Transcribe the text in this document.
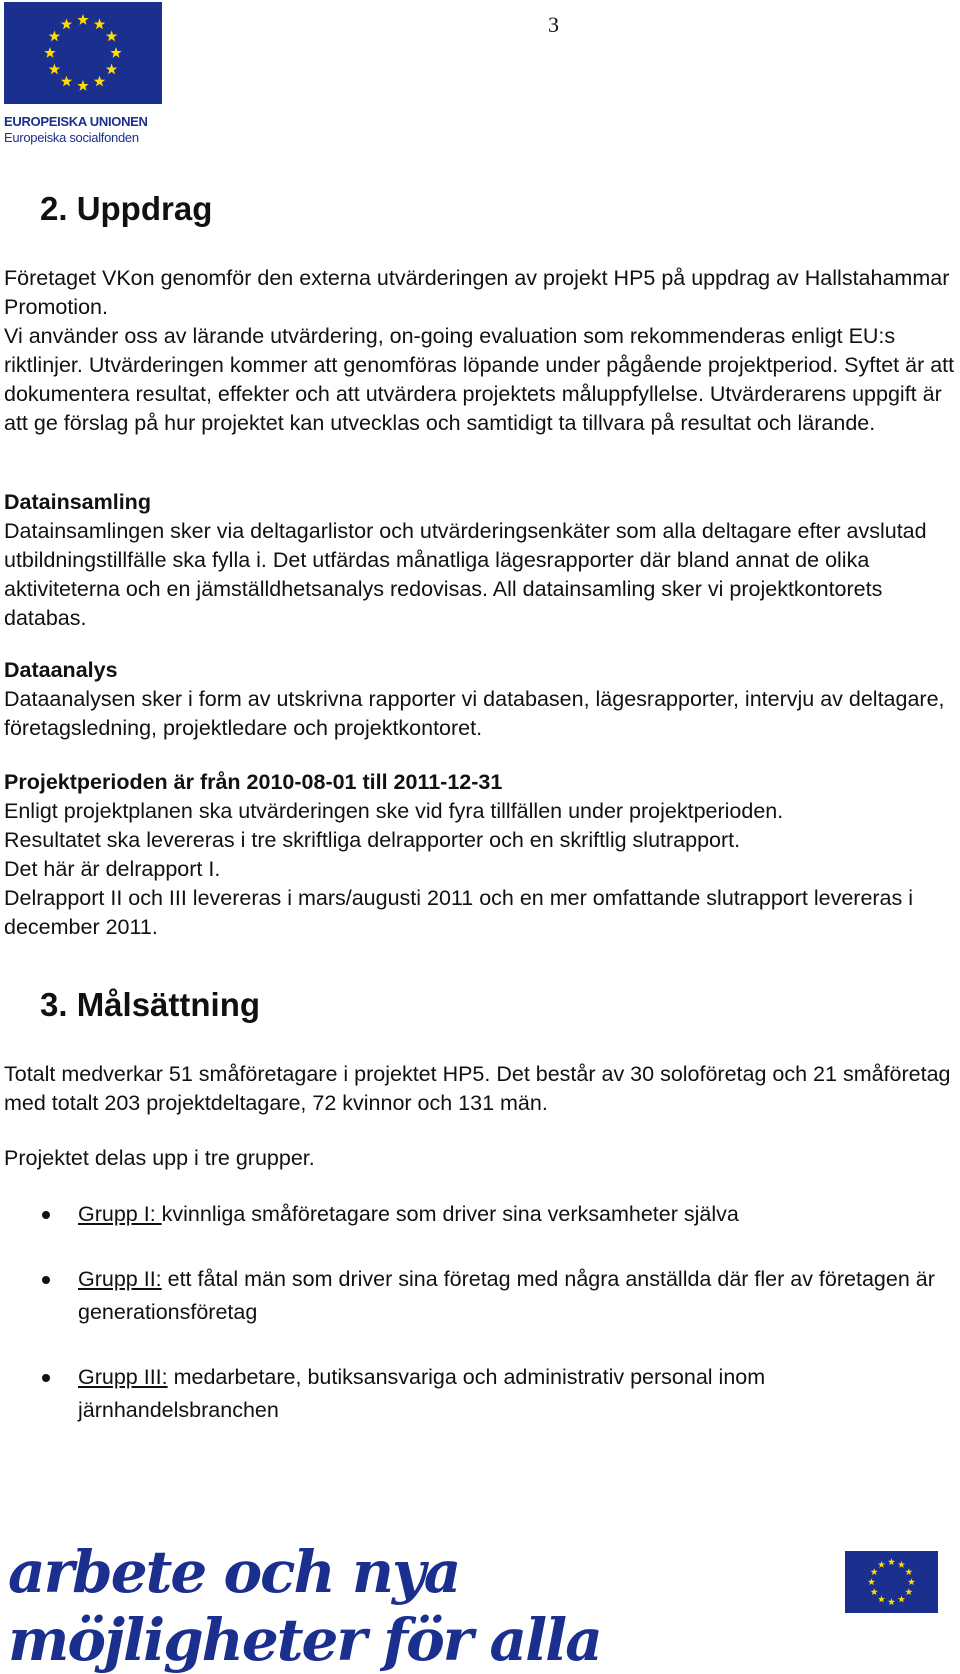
EUROPEISKA UNIONEN
Europeiska socialfonden
3
2. Uppdrag

Företaget VKon genomför den externa utvärderingen av projekt HP5 på uppdrag av Hallstahammar Promotion.

Vi använder oss av lärande utvärdering, on-going evaluation som rekommenderas enligt EU:s riktlinjer. Utvärderingen kommer att genomföras löpande under pågående projektperiod. Syftet är att dokumentera resultat, effekter och att utvärdera projektets måluppfyllelse. Utvärderarens uppgift är att ge förslag på hur projektet kan utvecklas och samtidigt ta tillvara på resultat och lärande.

Datainsamling

Datainsamlingen sker via deltagarlistor och utvärderingsenkäter som alla deltagare efter avslutad utbildningstillfälle ska fylla i. Det utfärdas månatliga lägesrapporter där bland annat de olika aktiviteterna och en jämställdhetsanalys redovisas. All datainsamling sker vi projektkontorets databas.

Dataanalys

Dataanalysen sker i form av utskrivna rapporter vi databasen, lägesrapporter, intervju av deltagare, företagsledning, projektledare och projektkontoret.

Projektperioden är från 2010-08-01 till 2011-12-31

Enligt projektplanen ska utvärderingen ske vid fyra tillfällen under projektperioden.

Resultatet ska levereras i tre skriftliga delrapporter och en skriftlig slutrapport.

Det här är delrapport I.

Delrapport II och III levereras i mars/augusti 2011 och en mer omfattande slutrapport levereras i december 2011.

3. Målsättning
Totalt medverkar 51 småföretagare i projektet HP5. Det består av 30 soloföretag och 21 småföretag med totalt 203 projektdeltagare, 72 kvinnor och 131 män.
Projektet delas upp i tre grupper.
Grupp I: kvinnliga småföretagare som driver sina verksamheter själva
Grupp II: ett fåtal män som driver sina företag med några anställda där fler av företagen är generationsföretag
Grupp III: medarbetare, butiksansvariga och administrativ personal inom järnhandelsbranchen
arbete och nya möjligheter för alla
